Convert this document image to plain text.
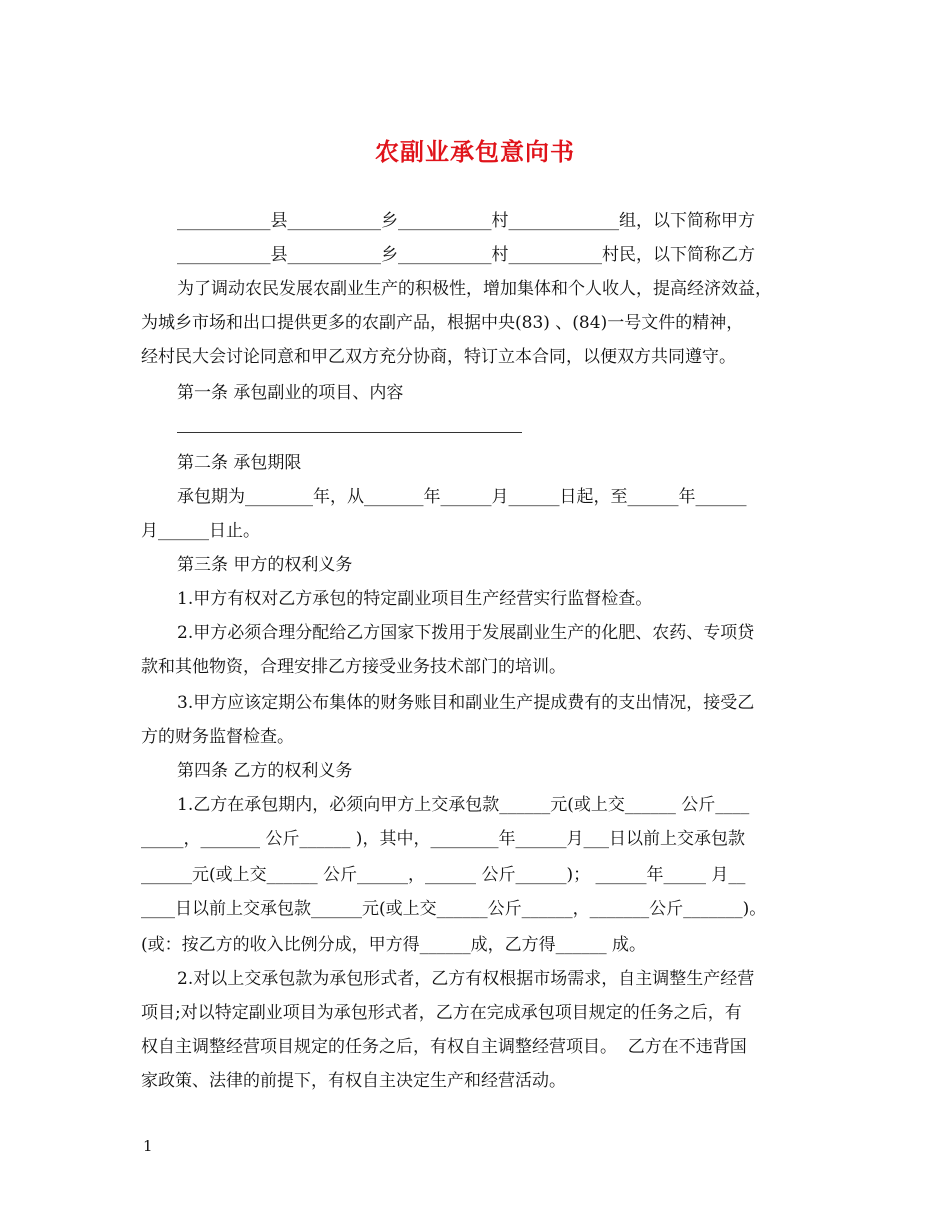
农副业承包意向书
___________县___________乡___________村_____________组，以下简称甲方
___________县___________乡___________村___________村民，以下简称乙方
为了调动农民发展农副业生产的积极性，增加集体和个人收人，提高经济效益，
为城乡市场和出口提供更多的农副产品，根据中央(83) 、(84)一号文件的精神，
经村民大会讨论同意和甲乙双方充分协商，特订立本合同，以便双方共同遵守。
第一条 承包副业的项目、内容
第二条 承包期限
承包期为________年，从_______年______月______日起，至______年______
月______日止。
第三条 甲方的权利义务
1.甲方有权对乙方承包的特定副业项目生产经营实行监督检查。
2.甲方必须合理分配给乙方国家下拨用于发展副业生产的化肥、农药、专项贷
款和其他物资，合理安排乙方接受业务技术部门的培训。
3.甲方应该定期公布集体的财务账目和副业生产提成费有的支出情况，接受乙
方的财务监督检查。
第四条 乙方的权利义务
1.乙方在承包期内，必须向甲方上交承包款______元(或上交______ 公斤____
_____，_______ 公斤______ )，其中，________年______月___日以前上交承包款
______元(或上交______ 公斤______，______ 公斤______)； ______年_____ 月__
____日以前上交承包款______元(或上交______公斤______，_______公斤_______)。
(或：按乙方的收入比例分成，甲方得______成，乙方得______ 成。
2.对以上交承包款为承包形式者，乙方有权根据市场需求，自主调整生产经营
项目;对以特定副业项目为承包形式者，乙方在完成承包项目规定的任务之后，有
权自主调整经营项目规定的任务之后，有权自主调整经营项目。  乙方在不违背国
家政策、法律的前提下，有权自主决定生产和经营活动。
1
